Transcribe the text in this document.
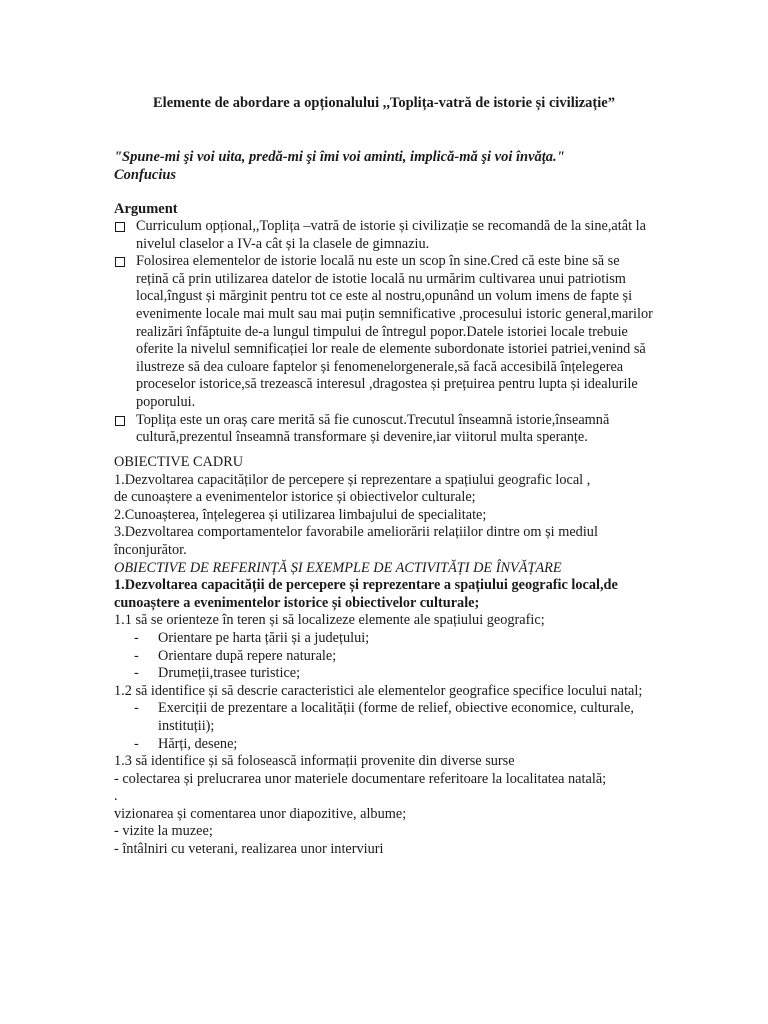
Elemente de abordare a opționalului ,,Toplița-vatră de istorie și civilizație”
"Spune-mi şi voi uita, predă-mi şi îmi voi aminti, implică-mă şi voi învăţa."
Confucius
Argument
Curriculum opțional,,Toplița –vatră de istorie și civilizație se recomandă de la sine,atât la nivelul claselor a IV-a cât și la clasele de gimnaziu.
Folosirea elementelor de istorie locală nu este un scop în sine.Cred că este bine să se rețină că prin utilizarea datelor de istotie locală nu urmărim cultivarea unui patriotism local,îngust și mărginit pentru tot ce este al nostru,opunând un volum imens de fapte și evenimente locale mai mult sau mai puțin semnificative ,procesului istoric general,marilor realizări înfăptuite de-a lungul timpului de întregul popor.Datele istoriei locale trebuie oferite la nivelul semnificației lor reale de elemente subordonate istoriei patriei,venind să ilustreze să dea culoare faptelor și fenomenelorgenerale,să facă accesibilă înțelegerea proceselor istorice,să trezească interesul ,dragostea și prețuirea pentru lupta și idealurile poporului.
Toplița este un oraș care merită să fie cunoscut.Trecutul înseamnă istorie,înseamnă cultură,prezentul înseamnă transformare și devenire,iar viitorul multa speranțe.
OBIECTIVE CADRU
1.Dezvoltarea capacităților de percepere și reprezentare a spațiului geografic local ,
de cunoaștere a evenimentelor istorice și obiectivelor culturale;
2.Cunoașterea, înțelegerea și utilizarea limbajului de specialitate;
3.Dezvoltarea comportamentelor favorabile ameliorării relațiilor dintre om și mediul înconjurător.
OBIECTIVE DE REFERINȚĂ ȘI EXEMPLE DE ACTIVITĂȚI DE ÎNVĂȚARE
1.Dezvoltarea capacității de percepere și reprezentare a spațiului geografic local,de cunoaștere a evenimentelor istorice și obiectivelor culturale;
1.1 să se orienteze în teren și să localizeze elemente ale spațiului geografic;
- Orientare pe harta țării și a județului;
- Orientare după repere naturale;
- Drumeții,trasee turistice;
1.2 să identifice și să descrie caracteristici ale elementelor geografice specifice locului natal;
- Exerciții de prezentare a localității (forme de relief, obiective economice, culturale, instituții);
- Hărți, desene;
1.3 să identifice și să folosească informații provenite din diverse surse
- colectarea și prelucrarea unor materiele documentare referitoare la localitatea natală;
.
vizionarea și comentarea unor diapozitive, albume;
- vizite la muzee;
- întâlniri cu veterani, realizarea unor interviuri
